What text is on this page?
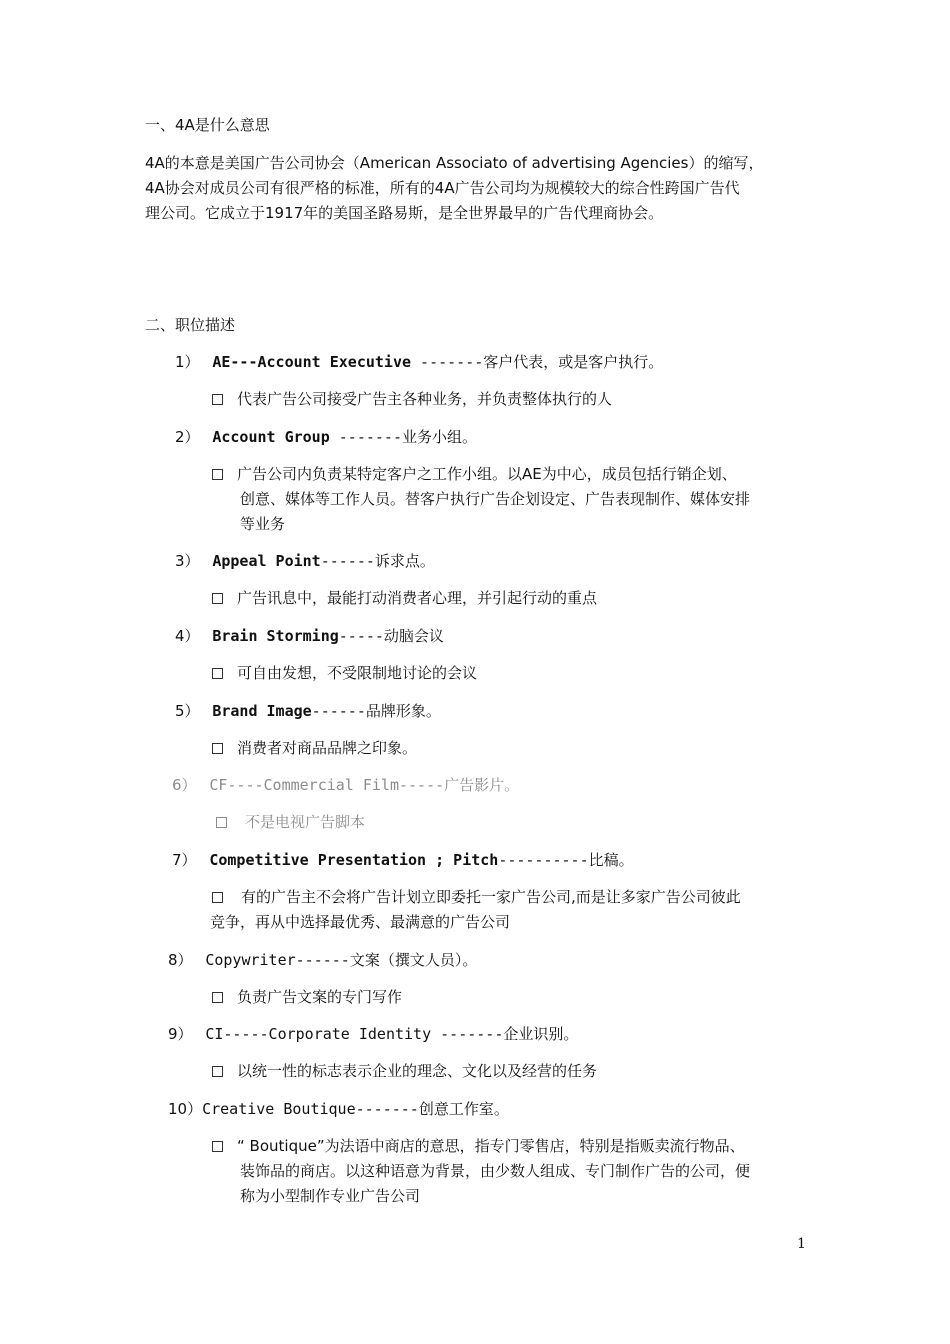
一、4A是什么意思
4A的本意是美国广告公司协会（American Associato of advertising Agencies）的缩写，
4A协会对成员公司有很严格的标准，所有的4A广告公司均为规模较大的综合性跨国广告代
理公司。它成立于1917年的美国圣路易斯，是全世界最早的广告代理商协会。
二、职位描述
1） AE---Account Executive -------客户代表，或是客户执行。
代表广告公司接受广告主各种业务，并负责整体执行的人
2） Account Group -------业务小组。
广告公司内负责某特定客户之工作小组。以AE为中心，成员包括行销企划、
创意、媒体等工作人员。替客户执行广告企划设定、广告表现制作、媒体安排
等业务
3） Appeal Point------诉求点。
广告讯息中，最能打动消费者心理，并引起行动的重点
4） Brain Storming-----动脑会议
可自由发想，不受限制地讨论的会议
5） Brand Image------品牌形象。
消费者对商品品牌之印象。
6） CF----Commercial Film-----广告影片。
不是电视广告脚本
7） Competitive Presentation ; Pitch----------比稿。
有的广告主不会将广告计划立即委托一家广告公司,而是让多家广告公司彼此
竞争，再从中选择最优秀、最满意的广告公司
8） Copywriter------文案（撰文人员）。
负责广告文案的专门写作
9） CI-----Corporate Identity -------企业识别。
以统一性的标志表示企业的理念、文化以及经营的任务
10）Creative Boutique-------创意工作室。
“ Boutique”为法语中商店的意思，指专门零售店，特别是指贩卖流行物品、
装饰品的商店。以这种语意为背景，由少数人组成、专门制作广告的公司，便
称为小型制作专业广告公司
1
